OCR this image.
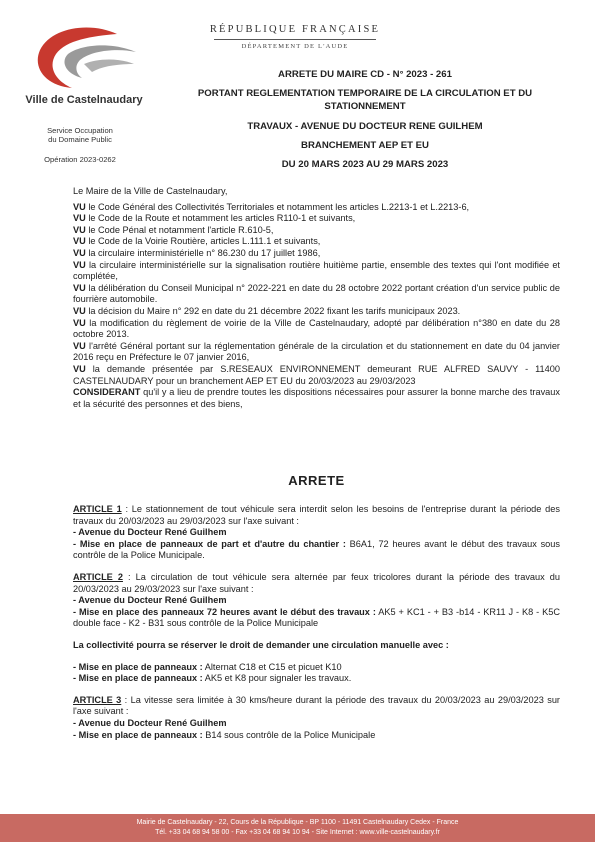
RÉPUBLIQUE FRANÇAISE
DÉPARTEMENT DE L'AUDE
Ville de Castelnaudary
Service Occupation
du Domaine Public
Opération 2023-0262

ARRETE DU MAIRE CD - N° 2023 - 261

PORTANT REGLEMENTATION TEMPORAIRE DE LA CIRCULATION ET DU

STATIONNEMENT

TRAVAUX - AVENUE DU DOCTEUR RENE GUILHEM

BRANCHEMENT AEP ET EU

DU 20 MARS 2023 AU 29 MARS 2023

Le Maire de la Ville de Castelnaudary,

VU le Code Général des Collectivités Territoriales et notamment les articles L.2213-1 et L.2213-6,

VU le Code de la Route et notamment les articles R110-1 et suivants,

VU le Code Pénal et notamment l'article R.610-5,

VU le Code de la Voirie Routière, articles L.111.1 et suivants,

VU la circulaire interministérielle n° 86.230 du 17 juillet 1986,

VU la circulaire interministérielle sur la signalisation routière huitième partie, ensemble des textes qui l'ont modifiée et complétée,

VU la délibération du Conseil Municipal n° 2022-221 en date du 28 octobre 2022 portant création d'un service public de fourrière automobile.

VU la décision du Maire n° 292 en date du 21 décembre 2022 fixant les tarifs municipaux 2023.

VU la modification du règlement de voirie de la Ville de Castelnaudary, adopté par délibération n°380 en date du 28 octobre 2013.

VU l'arrêté Général portant sur la réglementation générale de la circulation et du stationnement en date du 04 janvier 2016 reçu en Préfecture le 07 janvier 2016,

VU la demande présentée par S.RESEAUX ENVIRONNEMENT demeurant RUE ALFRED SAUVY - 11400 CASTELNAUDARY pour un branchement AEP ET EU du 20/03/2023 au 29/03/2023

CONSIDERANT qu'il y a lieu de prendre toutes les dispositions nécessaires pour assurer la bonne marche des travaux et la sécurité des personnes et des biens,

ARRETE

ARTICLE 1 : Le stationnement de tout véhicule sera interdit selon les besoins de l'entreprise durant la période des travaux du 20/03/2023 au 29/03/2023 sur l'axe suivant :

- Avenue du Docteur René Guilhem

- Mise en place de panneaux de part et d'autre du chantier : B6A1, 72 heures avant le début des travaux sous contrôle de la Police Municipale.

ARTICLE 2 : La circulation de tout véhicule sera alternée par feux tricolores durant la période des travaux du 20/03/2023 au 29/03/2023 sur l'axe suivant :

- Avenue du Docteur René Guilhem

- Mise en place des panneaux 72 heures avant le début des travaux : AK5 + KC1 - + B3 -b14 - KR11 J - K8 - K5C double face - K2 - B31 sous contrôle de la Police Municipale

La collectivité pourra se réserver le droit de demander une circulation manuelle avec :

- Mise en place de panneaux : Alternat C18 et C15 et picuet K10

- Mise en place de panneaux : AK5 et K8 pour signaler les travaux.

ARTICLE 3 : La vitesse sera limitée à 30 kms/heure durant la période des travaux du 20/03/2023 au 29/03/2023 sur l'axe suivant :

- Avenue du Docteur René Guilhem

- Mise en place de panneaux : B14 sous contrôle de la Police Municipale

Mairie de Castelnaudary - 22, Cours de la République - BP 1100 - 11491 Castelnaudary Cedex - France
Tél. +33 04 68 94 58 00 - Fax +33 04 68 94 10 94 - Site Internet : www.ville-castelnaudary.fr
